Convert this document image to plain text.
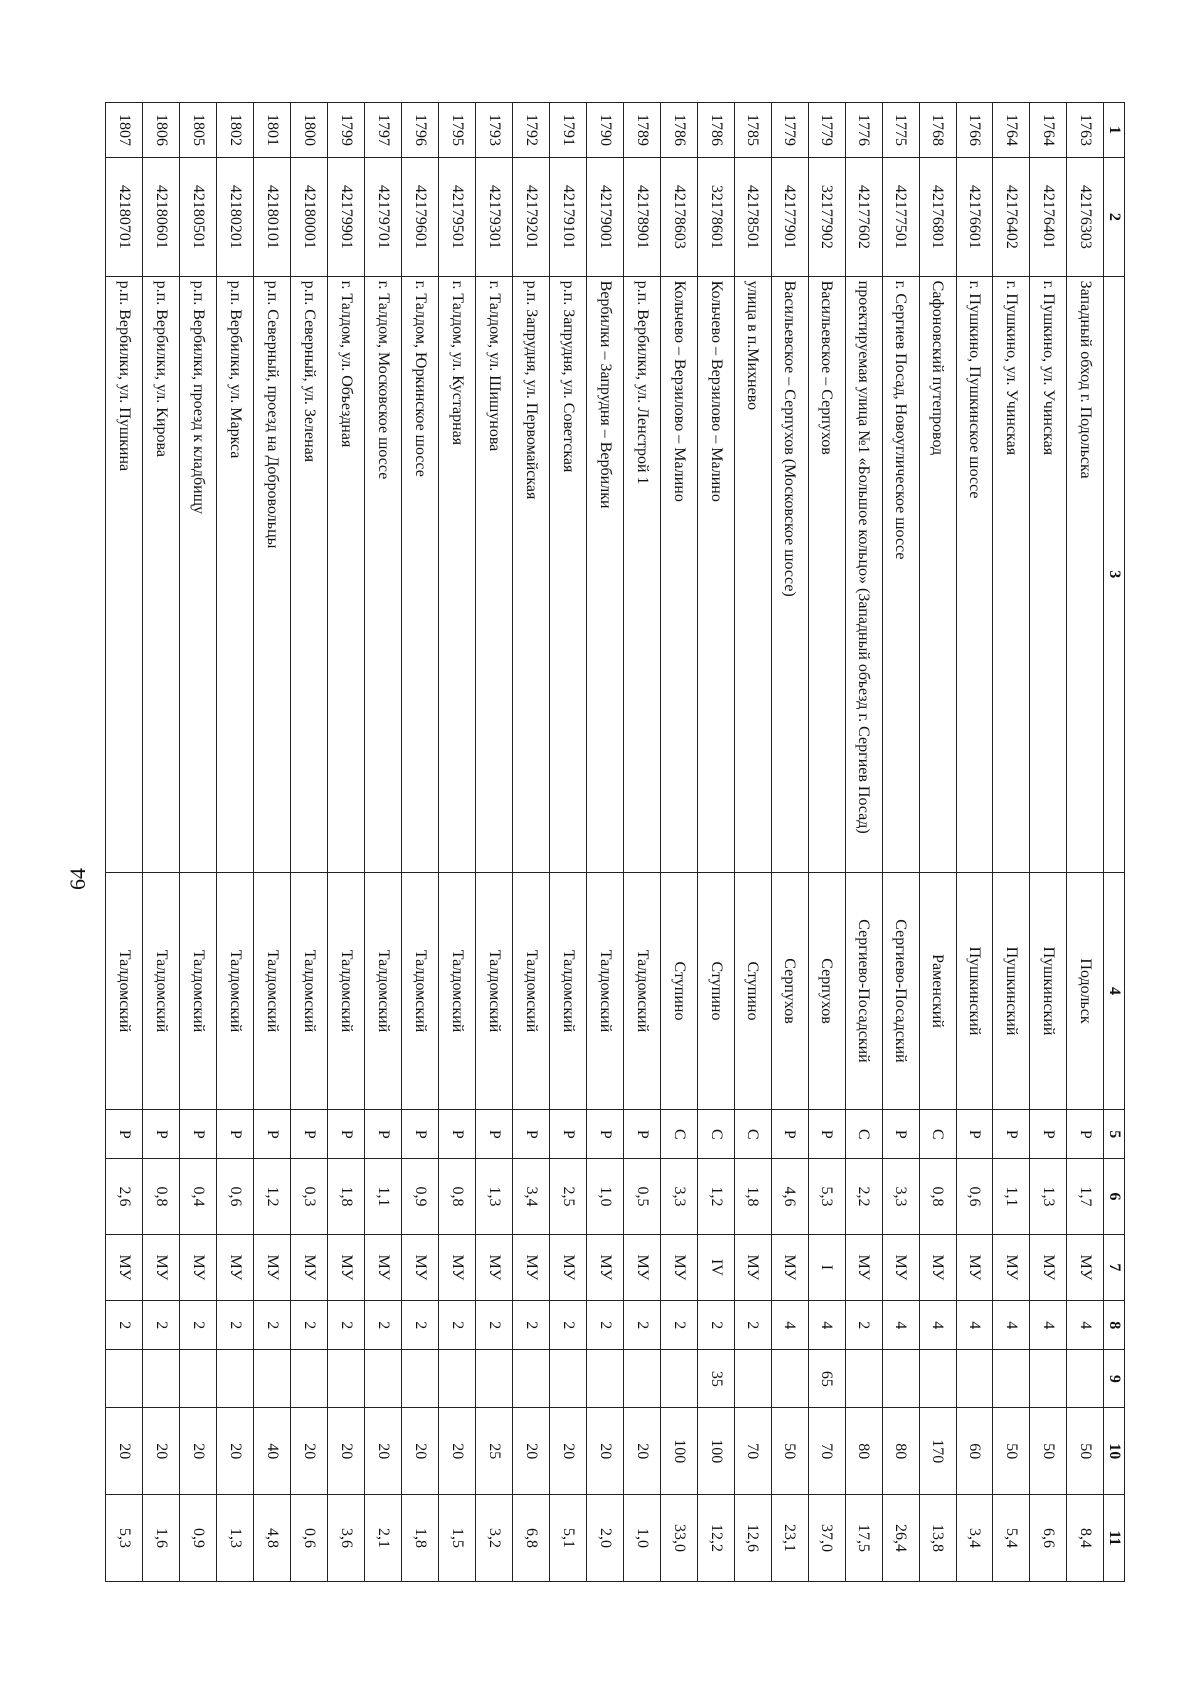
64
1	2	3	4	5	6	7	8	9	10	11
1763	42176303	Западный обход г. Подольска	Подольск	Р	1,7	МУ	4		50	8,4
1764	42176401	г. Пушкино, ул. Учинская	Пушкинский	Р	1,3	МУ	4		50	6,6
1764	42176402	г. Пушкино, ул. Учинская	Пушкинский	Р	1,1	МУ	4		50	5,4
1766	42176601	г. Пушкино, Пушкинское шоссе	Пушкинский	Р	0,6	МУ	4		60	3,4
1768	42176801	Сафоновский путепровод	Раменский	С	0,8	МУ	4		170	13,8
1775	42177501	г. Сергиев Посад, Новоуглическое шоссе	Сергиево-Посадский	Р	3,3	МУ	4		80	26,4
1776	42177602	проектируемая улица №1 «Большое кольцо» (Западный объезд г. Сергиев Посад)	Сергиево-Посадский	С	2,2	МУ	2		80	17,5
1779	32177902	Васильевское – Серпухов	Серпухов	Р	5,3	I	4	65	70	37,0
1779	42177901	Васильевское – Серпухов (Московское шоссе)	Серпухов	Р	4,6	МУ	4		50	23,1
1785	42178501	улица в п.Михнево	Ступино	С	1,8	МУ	2		70	12,6
1786	32178601	Кольчево – Верзилово – Малино	Ступино	С	1,2	IV	2	35	100	12,2
1786	42178603	Кольчево – Верзилово – Малино	Ступино	С	3,3	МУ	2		100	33,0
1789	42178901	р.п. Вербилки, ул. Ленстрой 1	Талдомский	Р	0,5	МУ	2		20	1,0
1790	42179001	Вербилки – Запрудня – Вербилки	Талдомский	Р	1,0	МУ	2		20	2,0
1791	42179101	р.п. Запрудня, ул. Советская	Талдомский	Р	2,5	МУ	2		20	5,1
1792	42179201	р.п. Запрудня, ул. Первомайская	Талдомский	Р	3,4	МУ	2		20	6,8
1793	42179301	г. Талдом, ул. Шишунова	Талдомский	Р	1,3	МУ	2		25	3,2
1795	42179501	г. Талдом, ул. Кустарная	Талдомский	Р	0,8	МУ	2		20	1,5
1796	42179601	г. Талдом, Юркинское шоссе	Талдомский	Р	0,9	МУ	2		20	1,8
1797	42179701	г. Талдом, Московское шоссе	Талдомский	Р	1,1	МУ	2		20	2,1
1799	42179901	г. Талдом, ул. Объездная	Талдомский	Р	1,8	МУ	2		20	3,6
1800	42180001	р.п. Северный, ул. Зеленая	Талдомский	Р	0,3	МУ	2		20	0,6
1801	42180101	р.п. Северный, проезд на Добровольцы	Талдомский	Р	1,2	МУ	2		40	4,8
1802	42180201	р.п. Вербилки, ул. Маркса	Талдомский	Р	0,6	МУ	2		20	1,3
1805	42180501	р.п. Вербилки, проезд к кладбищу	Талдомский	Р	0,4	МУ	2		20	0,9
1806	42180601	р.п. Вербилки, ул. Кирова	Талдомский	Р	0,8	МУ	2		20	1,6
1807	42180701	р.п. Вербилки, ул. Пушкина	Талдомский	Р	2,6	МУ	2		20	5,3
